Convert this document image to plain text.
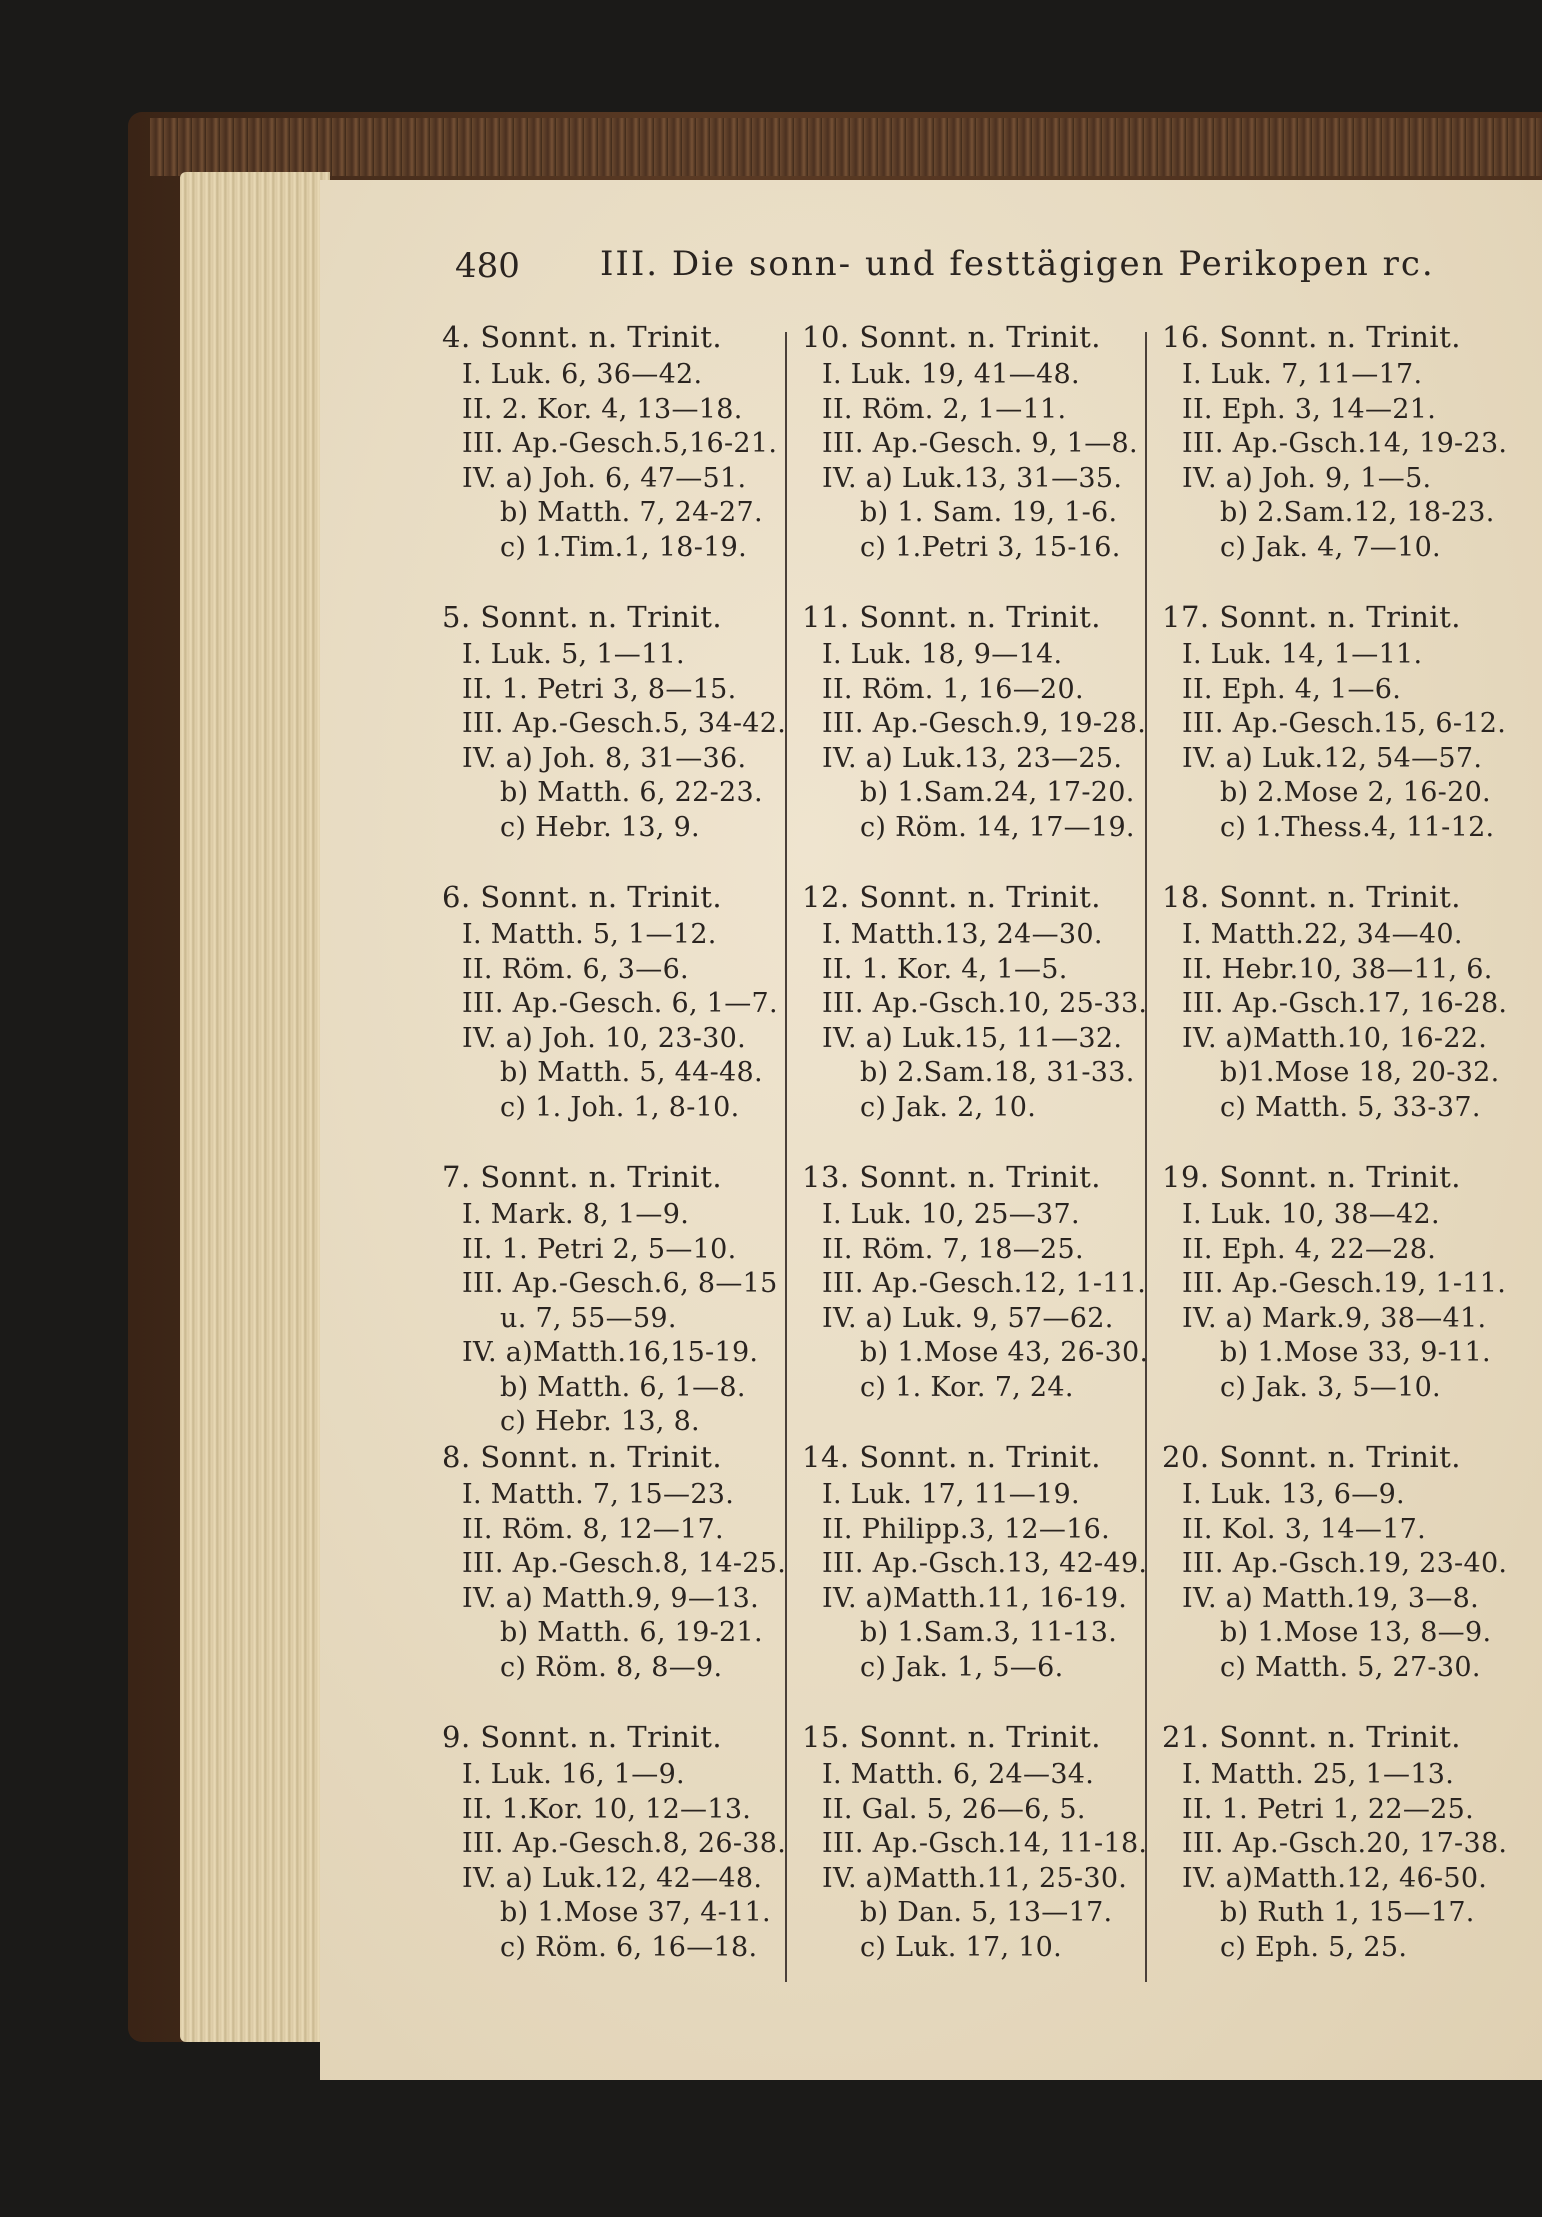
480 III. Die sonn- und festtägigen Perikopen rc.
4. Sonnt. n. Trinit.
I. Luk. 6, 36—42.
II. 2. Kor. 4, 13—18.
III. Ap.-Gesch.5,16-21.
IV. a) Joh. 6, 47—51.
b) Matth. 7, 24-27.
c) 1.Tim.1, 18-19.
5. Sonnt. n. Trinit.
I. Luk. 5, 1—11.
II. 1. Petri 3, 8—15.
III. Ap.-Gesch.5, 34-42.
IV. a) Joh. 8, 31—36.
b) Matth. 6, 22-23.
c) Hebr. 13, 9.
6. Sonnt. n. Trinit.
I. Matth. 5, 1—12.
II. Röm. 6, 3—6.
III. Ap.-Gesch. 6, 1—7.
IV. a) Joh. 10, 23-30.
b) Matth. 5, 44-48.
c) 1. Joh. 1, 8-10.
7. Sonnt. n. Trinit.
I. Mark. 8, 1—9.
II. 1. Petri 2, 5—10.
III. Ap.-Gesch.6, 8—15
u. 7, 55—59.
IV. a)Matth.16,15-19.
b) Matth. 6, 1—8.
c) Hebr. 13, 8.
8. Sonnt. n. Trinit.
I. Matth. 7, 15—23.
II. Röm. 8, 12—17.
III. Ap.-Gesch.8, 14-25.
IV. a) Matth.9, 9—13.
b) Matth. 6, 19-21.
c) Röm. 8, 8—9.
9. Sonnt. n. Trinit.
I. Luk. 16, 1—9.
II. 1.Kor. 10, 12—13.
III. Ap.-Gesch.8, 26-38.
IV. a) Luk.12, 42—48.
b) 1.Mose 37, 4-11.
c) Röm. 6, 16—18.
10. Sonnt. n. Trinit.
I. Luk. 19, 41—48.
II. Röm. 2, 1—11.
III. Ap.-Gesch. 9, 1—8.
IV. a) Luk.13, 31—35.
b) 1. Sam. 19, 1-6.
c) 1.Petri 3, 15-16.
11. Sonnt. n. Trinit.
I. Luk. 18, 9—14.
II. Röm. 1, 16—20.
III. Ap.-Gesch.9, 19-28.
IV. a) Luk.13, 23—25.
b) 1.Sam.24, 17-20.
c) Röm. 14, 17—19.
12. Sonnt. n. Trinit.
I. Matth.13, 24—30.
II. 1. Kor. 4, 1—5.
III. Ap.-Gsch.10, 25-33.
IV. a) Luk.15, 11—32.
b) 2.Sam.18, 31-33.
c) Jak. 2, 10.
13. Sonnt. n. Trinit.
I. Luk. 10, 25—37.
II. Röm. 7, 18—25.
III. Ap.-Gesch.12, 1-11.
IV. a) Luk. 9, 57—62.
b) 1.Mose 43, 26-30.
c) 1. Kor. 7, 24.
14. Sonnt. n. Trinit.
I. Luk. 17, 11—19.
II. Philipp.3, 12—16.
III. Ap.-Gsch.13, 42-49.
IV. a)Matth.11, 16-19.
b) 1.Sam.3, 11-13.
c) Jak. 1, 5—6.
15. Sonnt. n. Trinit.
I. Matth. 6, 24—34.
II. Gal. 5, 26—6, 5.
III. Ap.-Gsch.14, 11-18.
IV. a)Matth.11, 25-30.
b) Dan. 5, 13—17.
c) Luk. 17, 10.
16. Sonnt. n. Trinit.
I. Luk. 7, 11—17.
II. Eph. 3, 14—21.
III. Ap.-Gsch.14, 19-23.
IV. a) Joh. 9, 1—5.
b) 2.Sam.12, 18-23.
c) Jak. 4, 7—10.
17. Sonnt. n. Trinit.
I. Luk. 14, 1—11.
II. Eph. 4, 1—6.
III. Ap.-Gesch.15, 6-12.
IV. a) Luk.12, 54—57.
b) 2.Mose 2, 16-20.
c) 1.Thess.4, 11-12.
18. Sonnt. n. Trinit.
I. Matth.22, 34—40.
II. Hebr.10, 38—11, 6.
III. Ap.-Gsch.17, 16-28.
IV. a)Matth.10, 16-22.
b)1.Mose 18, 20-32.
c) Matth. 5, 33-37.
19. Sonnt. n. Trinit.
I. Luk. 10, 38—42.
II. Eph. 4, 22—28.
III. Ap.-Gesch.19, 1-11.
IV. a) Mark.9, 38—41.
b) 1.Mose 33, 9-11.
c) Jak. 3, 5—10.
20. Sonnt. n. Trinit.
I. Luk. 13, 6—9.
II. Kol. 3, 14—17.
III. Ap.-Gsch.19, 23-40.
IV. a) Matth.19, 3—8.
b) 1.Mose 13, 8—9.
c) Matth. 5, 27-30.
21. Sonnt. n. Trinit.
I. Matth. 25, 1—13.
II. 1. Petri 1, 22—25.
III. Ap.-Gsch.20, 17-38.
IV. a)Matth.12, 46-50.
b) Ruth 1, 15—17.
c) Eph. 5, 25.
